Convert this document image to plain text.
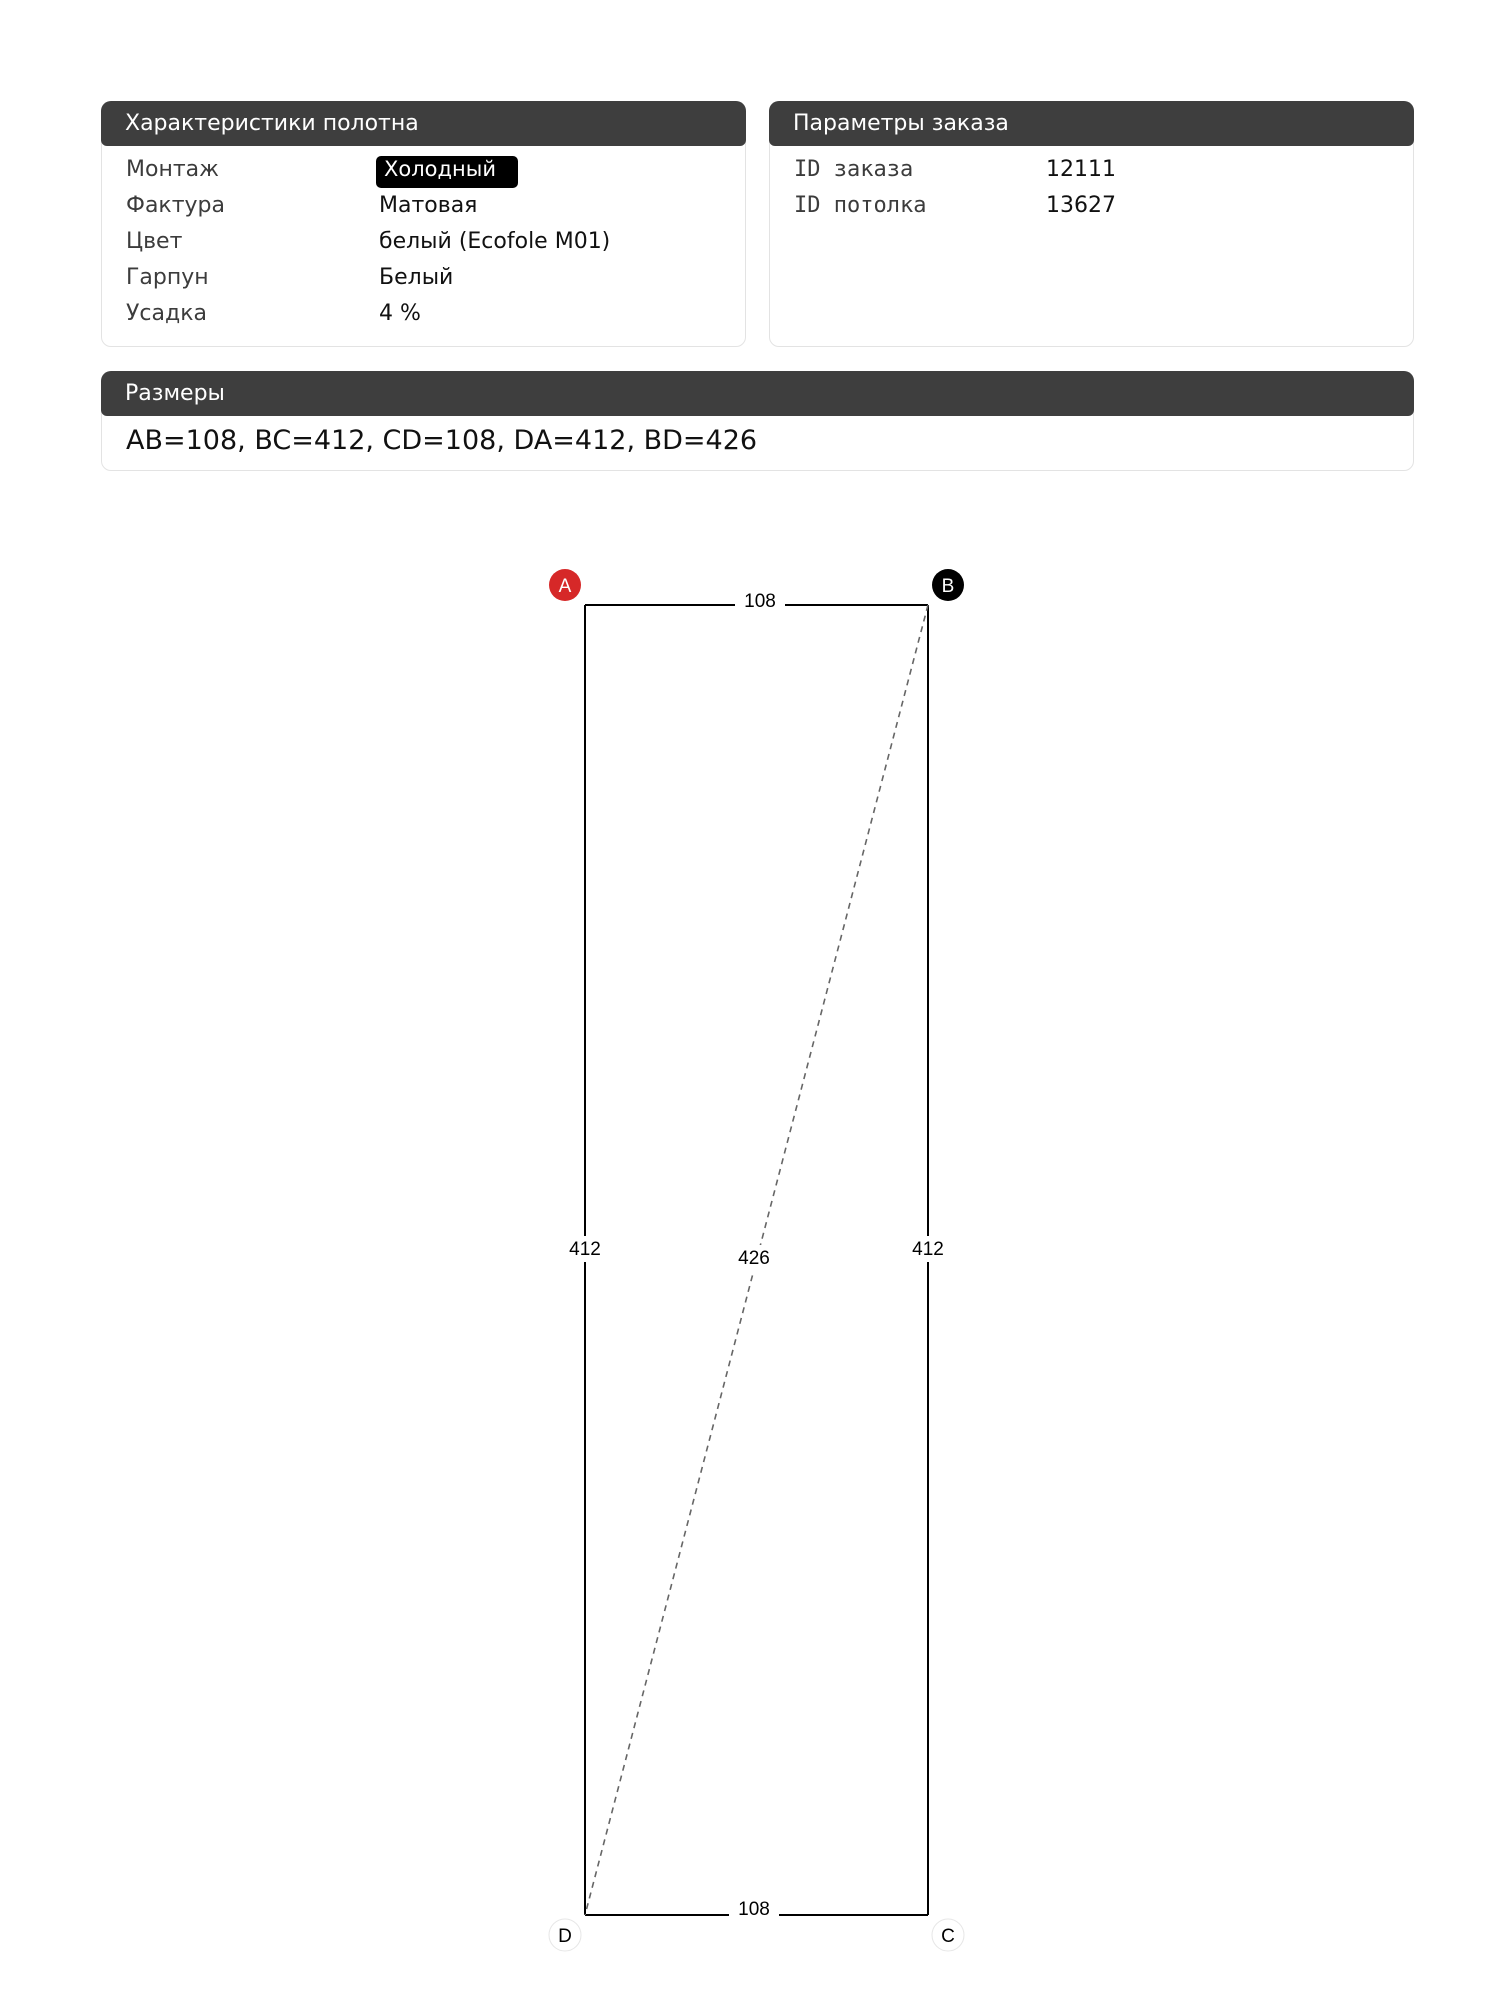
Характеристики полотна
Монтаж	Холодный
Фактура	Матовая
Цвет	белый (Ecofole M01)
Гарпун	Белый
Усадка	4 %
Параметры заказа
ID заказа	12111
ID потолка	13627
Размеры
AB=108, BC=412, CD=108, DA=412, BD=426
108
108
412	412
426
A	B
C
D
